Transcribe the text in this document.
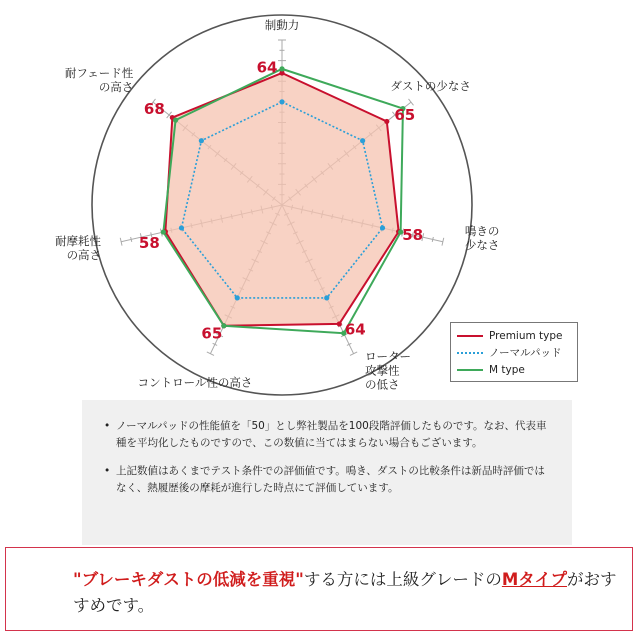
64
65
58
64
65
58
68
制動力
ダストの少なさ
鳴きの
少なさ
ローター
攻撃性
の低さ
コントロール性の高さ
耐摩耗性
の高さ
耐フェード性
の高さ
Premium type
ノーマルパッド
M type
• ノーマルパッドの性能値を「50」とし弊社製品を100段階評価したものです。なお、代表車種を平均化したものですので、この数値に当てはまらない場合もございます。
• 上記数値はあくまでテスト条件での評価値です。鳴き、ダストの比較条件は新品時評価ではなく、熱履歴後の摩耗が進行した時点にて評価しています。
"ブレーキダストの低減を重視"する方には上級グレードのMタイプがおすすめです。
